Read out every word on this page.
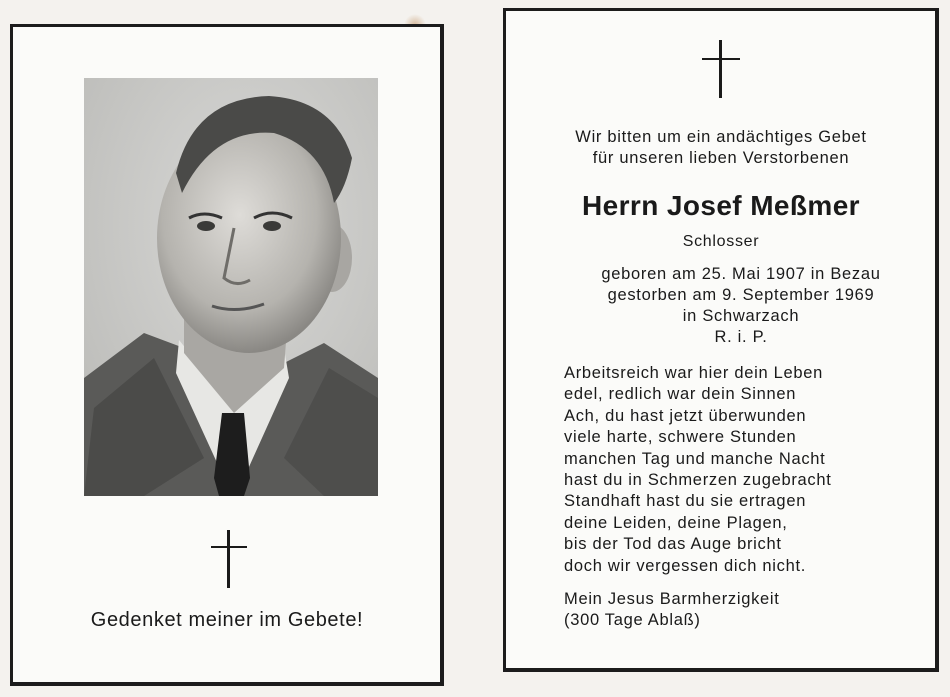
Gedenket meiner im Gebete!
Wir bitten um ein andächtiges Gebet
für unseren lieben Verstorbenen
Herrn Josef Meßmer
Schlosser
geboren am 25. Mai 1907 in Bezau
gestorben am 9. September 1969
in Schwarzach
R. i. P.
Arbeitsreich war hier dein Leben
edel, redlich war dein Sinnen
Ach, du hast jetzt überwunden
viele harte, schwere Stunden
manchen Tag und manche Nacht
hast du in Schmerzen zugebracht
Standhaft hast du sie ertragen
deine Leiden, deine Plagen,
bis der Tod das Auge bricht
doch wir vergessen dich nicht.
Mein Jesus Barmherzigkeit
(300 Tage Ablaß)
